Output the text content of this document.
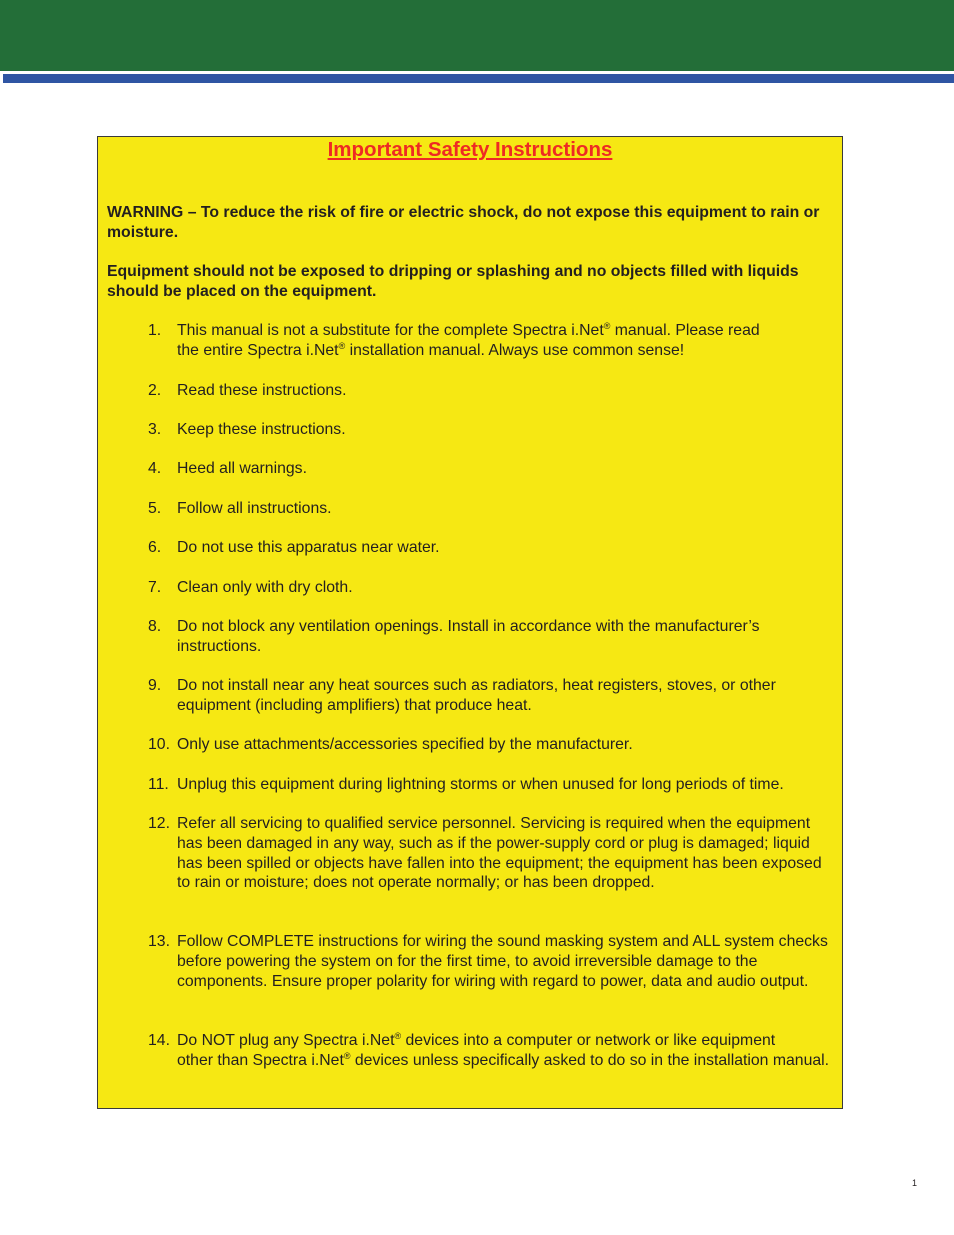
Important Safety Instructions
WARNING – To reduce the risk of fire or electric shock, do not expose this equipment to rain or moisture.
Equipment should not be exposed to dripping or splashing and no objects filled with liquids should be placed on the equipment.
1. This manual is not a substitute for the complete Spectra i.Net® manual. Please read
the entire Spectra i.Net® installation manual. Always use common sense!
2. Read these instructions.
3. Keep these instructions.
4. Heed all warnings.
5. Follow all instructions.
6. Do not use this apparatus near water.
7. Clean only with dry cloth.
8. Do not block any ventilation openings. Install in accordance with the manufacturer’s instructions.
9. Do not install near any heat sources such as radiators, heat registers, stoves, or other equipment (including amplifiers) that produce heat.
10. Only use attachments/accessories specified by the manufacturer.
11. Unplug this equipment during lightning storms or when unused for long periods of time.
12. Refer all servicing to qualified service personnel. Servicing is required when the equipment has been damaged in any way, such as if the power-supply cord or plug is damaged; liquid has been spilled or objects have fallen into the equipment; the equipment has been exposed to rain or moisture; does not operate normally; or has been dropped.
13. Follow COMPLETE instructions for wiring the sound masking system and ALL system checks before powering the system on for the first time, to avoid irreversible damage to the components. Ensure proper polarity for wiring with regard to power, data and audio output.
14. Do NOT plug any Spectra i.Net® devices into a computer or network or like equipment
other than Spectra i.Net® devices unless specifically asked to do so in the installation manual.
1
